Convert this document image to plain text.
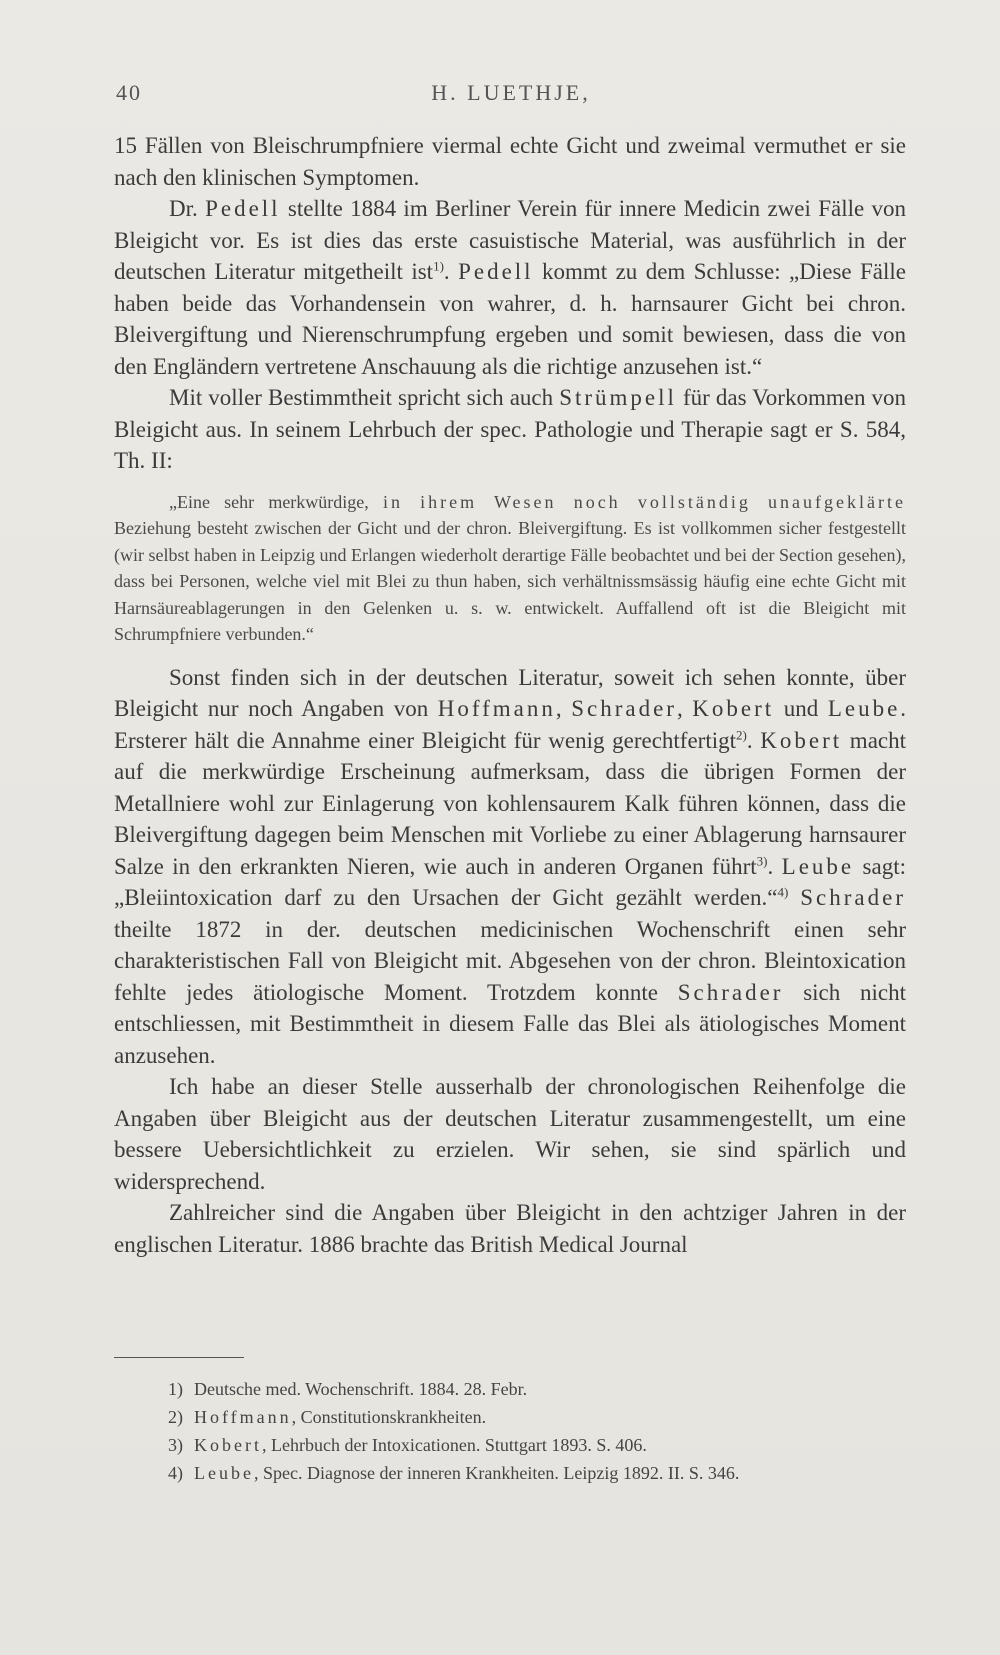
40	H. LUETHJE,

15 Fällen von Bleischrumpfniere viermal echte Gicht und zweimal vermuthet er sie nach den klinischen Symptomen.

Dr. Pedell stellte 1884 im Berliner Verein für innere Medicin zwei Fälle von Bleigicht vor. Es ist dies das erste casuistische Material, was ausführlich in der deutschen Literatur mitgetheilt ist$^{1)}$. Pedell kommt zu dem Schlusse: „Diese Fälle haben beide das Vorhandensein von wahrer, d. h. harnsaurer Gicht bei chron. Bleivergiftung und Nierenschrumpfung ergeben und somit bewiesen, dass die von den Engländern vertretene Anschauung als die richtige anzusehen ist.“

Mit voller Bestimmtheit spricht sich auch Strümpell für das Vorkommen von Bleigicht aus. In seinem Lehrbuch der spec. Pathologie und Therapie sagt er S. 584, Th. II:

„Eine sehr merkwürdige, in ihrem Wesen noch vollständig unaufgeklärte Beziehung besteht zwischen der Gicht und der chron. Bleivergiftung. Es ist vollkommen sicher festgestellt (wir selbst haben in Leipzig und Erlangen wiederholt derartige Fälle beobachtet und bei der Section gesehen), dass bei Personen, welche viel mit Blei zu thun haben, sich verhältnissmsässig häufig eine echte Gicht mit Harnsäureablagerungen in den Gelenken u. s. w. entwickelt. Auffallend oft ist die Bleigicht mit Schrumpfniere verbunden.“

Sonst finden sich in der deutschen Literatur, soweit ich sehen konnte, über Bleigicht nur noch Angaben von Hoffmann, Schrader, Kobert und Leube. Ersterer hält die Annahme einer Bleigicht für wenig gerechtfertigt$^{2)}$. Kobert macht auf die merkwürdige Erscheinung aufmerksam, dass die übrigen Formen der Metallniere wohl zur Einlagerung von kohlensaurem Kalk führen können, dass die Bleivergiftung dagegen beim Menschen mit Vorliebe zu einer Ablagerung harnsaurer Salze in den erkrankten Nieren, wie auch in anderen Organen führt$^{3)}$. Leube sagt: „Bleiintoxication darf zu den Ursachen der Gicht gezählt werden.“$^{4)}$ Schrader theilte 1872 in der. deutschen medicinischen Wochenschrift einen sehr charakteristischen Fall von Bleigicht mit. Abgesehen von der chron. Bleintoxication fehlte jedes ätiologische Moment. Trotzdem konnte Schrader sich nicht entschliessen, mit Bestimmtheit in diesem Falle das Blei als ätiologisches Moment anzusehen.

Ich habe an dieser Stelle ausserhalb der chronologischen Reihenfolge die Angaben über Bleigicht aus der deutschen Literatur zusammengestellt, um eine bessere Uebersichtlichkeit zu erzielen. Wir sehen, sie sind spärlich und widersprechend.

Zahlreicher sind die Angaben über Bleigicht in den achtziger Jahren in der englischen Literatur. 1886 brachte das British Medical Journal

1) Deutsche med. Wochenschrift. 1884. 28. Febr.
2) Hoffmann, Constitutionskrankheiten.
3) Kobert, Lehrbuch der Intoxicationen. Stuttgart 1893. S. 406.
4) Leube, Spec. Diagnose der inneren Krankheiten. Leipzig 1892. II. S. 346.
